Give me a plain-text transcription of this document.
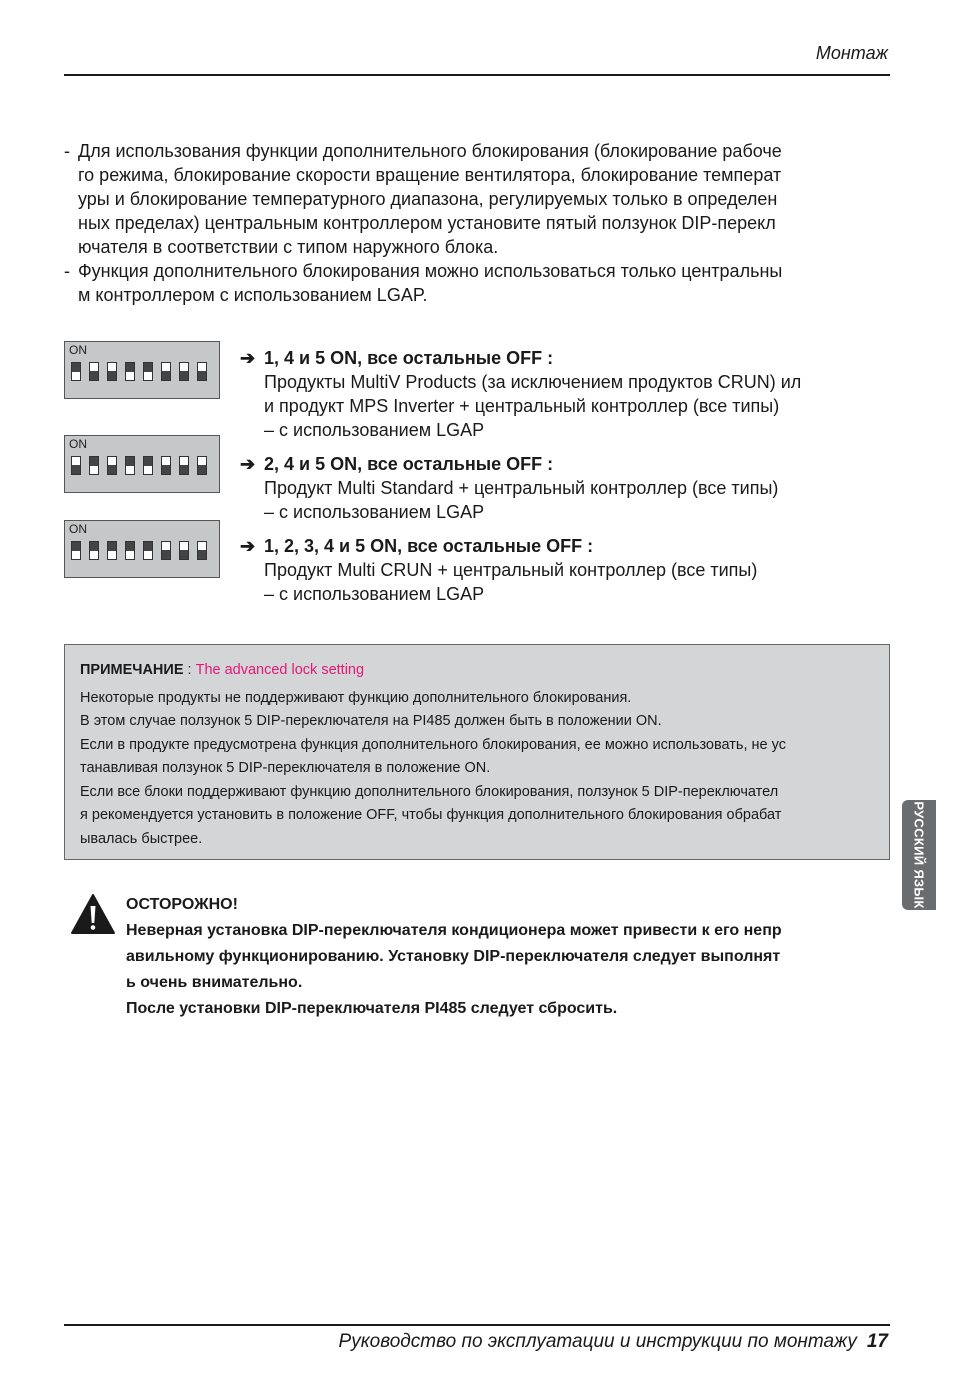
Монтаж
- Для использования функции дополнительного блокирования (блокирование рабоче
го режима, блокирование скорости вращение вентилятора, блокирование температ
уры и блокирование температурного диапазона, регулируемых только в определен
ных пределах) центральным контроллером установите пятый ползунок DIP-перекл
ючателя в соответствии с типом наружного блока.
- Функция дополнительного блокирования можно использоваться только центральны
м контроллером с использованием LGAP.
ON
ON
ON
➔ 1, 4 и 5 ON, все остальные OFF :
Продукты MultiV Products (за исключением продуктов CRUN) ил
и продукт MPS Inverter + центральный контроллер (все типы)
– с использованием LGAP
➔ 2, 4 и 5 ON, все остальные OFF :
Продукт Multi Standard + центральный контроллер (все типы)
– с использованием LGAP
➔ 1, 2, 3, 4 и 5 ON, все остальные OFF :
Продукт Multi CRUN + центральный контроллер (все типы)
– с использованием LGAP
ПРИМЕЧАНИЕ : The advanced lock setting
Некоторые продукты не поддерживают функцию дополнительного блокирования.
В этом случае ползунок 5 DIP-переключателя на PI485 должен быть в положении ON.
Если в продукте предусмотрена функция дополнительного блокирования, ее можно использовать, не ус
танавливая ползунок 5 DIP-переключателя в положение ON.
Если все блоки поддерживают функцию дополнительного блокирования, ползунок 5 DIP-переключател
я рекомендуется установить в положение OFF, чтобы функция дополнительного блокирования обрабат
ывалась быстрее.
ОСТОРОЖНО!
Неверная установка DIP-переключателя кондиционера может привести к его непр
авильному функционированию. Установку DIP-переключателя следует выполнят
ь очень внимательно.
После установки DIP-переключателя PI485 следует сбросить.
РУССКИЙ ЯЗЫК
Руководство по эксплуатации и инструкции по монтажу 17
